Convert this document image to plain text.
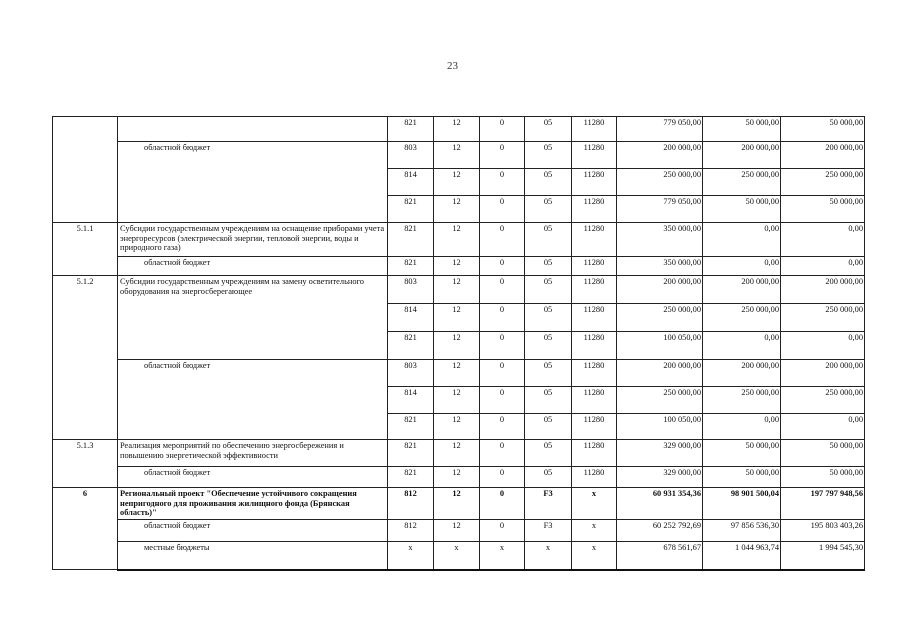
23
		821	12	0	05	11280	779 050,00	50 000,00	50 000,00
	областной бюджет	803	12	0	05	11280	200 000,00	200 000,00	200 000,00
		814	12	0	05	11280	250 000,00	250 000,00	250 000,00
		821	12	0	05	11280	779 050,00	50 000,00	50 000,00
5.1.1	Субсидии государственным учреждениям на оснащение приборами учета энергоресурсов (электрической энергии, тепловой энергии, воды и природного газа)	821	12	0	05	11280	350 000,00	0,00	0,00
	областной бюджет	821	12	0	05	11280	350 000,00	0,00	0,00
5.1.2	Субсидии государственным учреждениям на замену осветительного оборудования на энергосберегающее	803	12	0	05	11280	200 000,00	200 000,00	200 000,00
		814	12	0	05	11280	250 000,00	250 000,00	250 000,00
		821	12	0	05	11280	100 050,00	0,00	0,00
	областной бюджет	803	12	0	05	11280	200 000,00	200 000,00	200 000,00
		814	12	0	05	11280	250 000,00	250 000,00	250 000,00
		821	12	0	05	11280	100 050,00	0,00	0,00
5.1.3	Реализация мероприятий по обеспечению энергосбережения и повышению энергетической эффективности	821	12	0	05	11280	329 000,00	50 000,00	50 000,00
	областной бюджет	821	12	0	05	11280	329 000,00	50 000,00	50 000,00
6	Региональный проект "Обеспечение устойчивого сокращения непригодного для проживания жилищного фонда (Брянская область)"	812	12	0	F3	х	60 931 354,36	98 901 500,04	197 797 948,56
	областной бюджет	812	12	0	F3	х	60 252 792,69	97 856 536,30	195 803 403,26
	местные бюджеты	х	х	х	х	х	678 561,67	1 044 963,74	1 994 545,30
